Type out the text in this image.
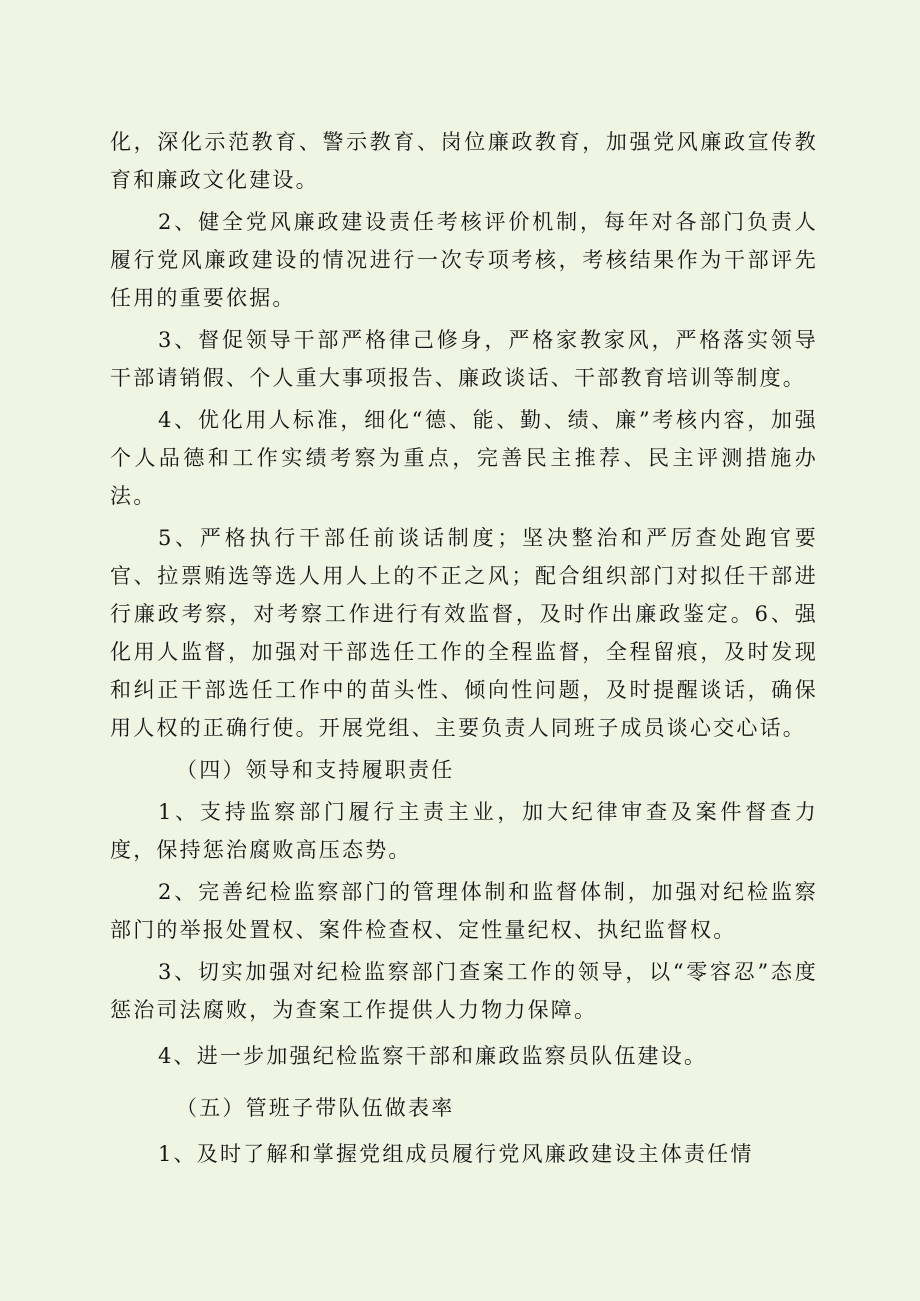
化，深化示范教育、警示教育、岗位廉政教育，加强党风廉政宣传教育和廉政文化建设。

2、健全党风廉政建设责任考核评价机制，每年对各部门负责人履行党风廉政建设的情况进行一次专项考核，考核结果作为干部评先任用的重要依据。

3、督促领导干部严格律己修身，严格家教家风，严格落实领导干部请销假、个人重大事项报告、廉政谈话、干部教育培训等制度。

4、优化用人标准，细化“德、能、勤、绩、廉”考核内容，加强个人品德和工作实绩考察为重点，完善民主推荐、民主评测措施办法。

5、严格执行干部任前谈话制度；坚决整治和严厉查处跑官要官、拉票贿选等选人用人上的不正之风；配合组织部门对拟任干部进行廉政考察，对考察工作进行有效监督，及时作出廉政鉴定。6、强化用人监督，加强对干部选任工作的全程监督，全程留痕，及时发现和纠正干部选任工作中的苗头性、倾向性问题，及时提醒谈话，确保用人权的正确行使。开展党组、主要负责人同班子成员谈心交心话。

（四）领导和支持履职责任

1、支持监察部门履行主责主业，加大纪律审查及案件督查力度，保持惩治腐败高压态势。

2、完善纪检监察部门的管理体制和监督体制，加强对纪检监察部门的举报处置权、案件检查权、定性量纪权、执纪监督权。

3、切实加强对纪检监察部门查案工作的领导，以“零容忍”态度惩治司法腐败，为查案工作提供人力物力保障。

4、进一步加强纪检监察干部和廉政监察员队伍建设。

（五）管班子带队伍做表率

1、及时了解和掌握党组成员履行党风廉政建设主体责任情
